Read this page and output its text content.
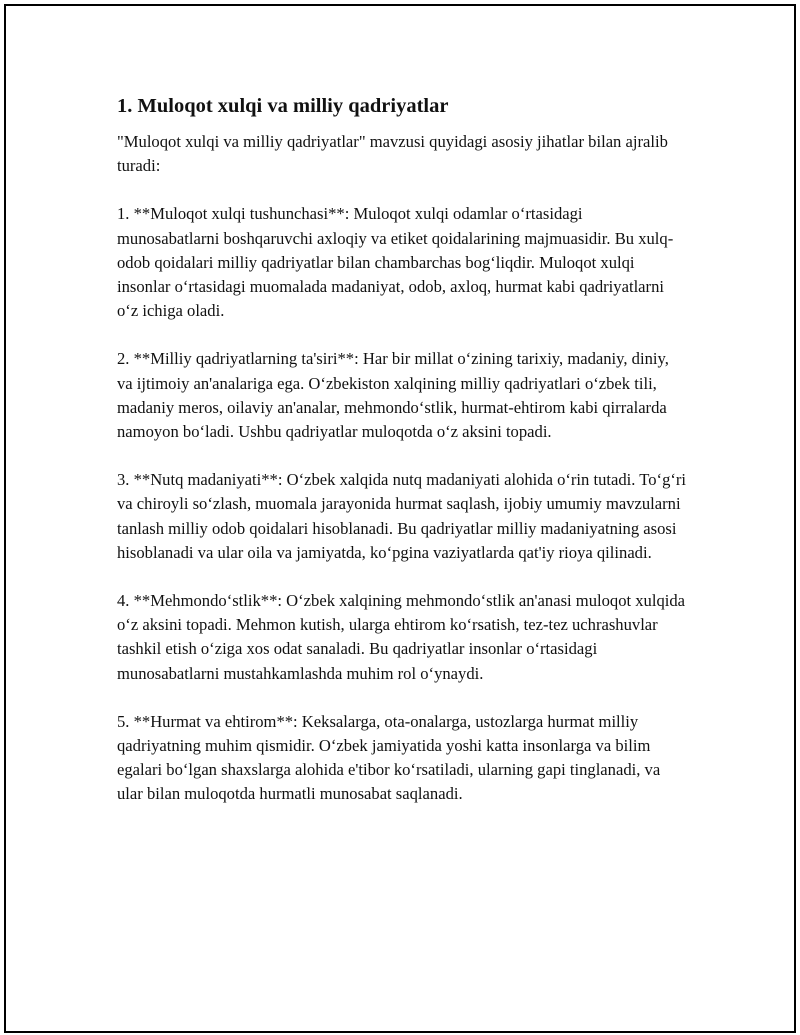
1. Muloqot xulqi va milliy qadriyatlar

"Muloqot xulqi va milliy qadriyatlar" mavzusi quyidagi asosiy jihatlar bilan ajralib turadi:

1. **Muloqot xulqi tushunchasi**: Muloqot xulqi odamlar o‘rtasidagi munosabatlarni boshqaruvchi axloqiy va etiket qoidalarining majmuasidir. Bu xulq-odob qoidalari milliy qadriyatlar bilan chambarchas bog‘liqdir. Muloqot xulqi insonlar o‘rtasidagi muomalada madaniyat, odob, axloq, hurmat kabi qadriyatlarni o‘z ichiga oladi.

2. **Milliy qadriyatlarning ta'siri**: Har bir millat o‘zining tarixiy, madaniy, diniy, va ijtimoiy an'analariga ega. O‘zbekiston xalqining milliy qadriyatlari o‘zbek tili, madaniy meros, oilaviy an'analar, mehmondo‘stlik, hurmat-ehtirom kabi qirralarda namoyon bo‘ladi. Ushbu qadriyatlar muloqotda o‘z aksini topadi.

3. **Nutq madaniyati**: O‘zbek xalqida nutq madaniyati alohida o‘rin tutadi. To‘g‘ri va chiroyli so‘zlash, muomala jarayonida hurmat saqlash, ijobiy umumiy mavzularni tanlash milliy odob qoidalari hisoblanadi. Bu qadriyatlar milliy madaniyatning asosi hisoblanadi va ular oila va jamiyatda, ko‘pgina vaziyatlarda qat'iy rioya qilinadi.

4. **Mehmondo‘stlik**: O‘zbek xalqining mehmondo‘stlik an'anasi muloqot xulqida o‘z aksini topadi. Mehmon kutish, ularga ehtirom ko‘rsatish, tez-tez uchrashuvlar tashkil etish o‘ziga xos odat sanaladi. Bu qadriyatlar insonlar o‘rtasidagi munosabatlarni mustahkamlashda muhim rol o‘ynaydi.

5. **Hurmat va ehtirom**: Keksalarga, ota-onalarga, ustozlarga hurmat milliy qadriyatning muhim qismidir. O‘zbek jamiyatida yoshi katta insonlarga va bilim egalari bo‘lgan shaxslarga alohida e'tibor ko‘rsatiladi, ularning gapi tinglanadi, va ular bilan muloqotda hurmatli munosabat saqlanadi.
